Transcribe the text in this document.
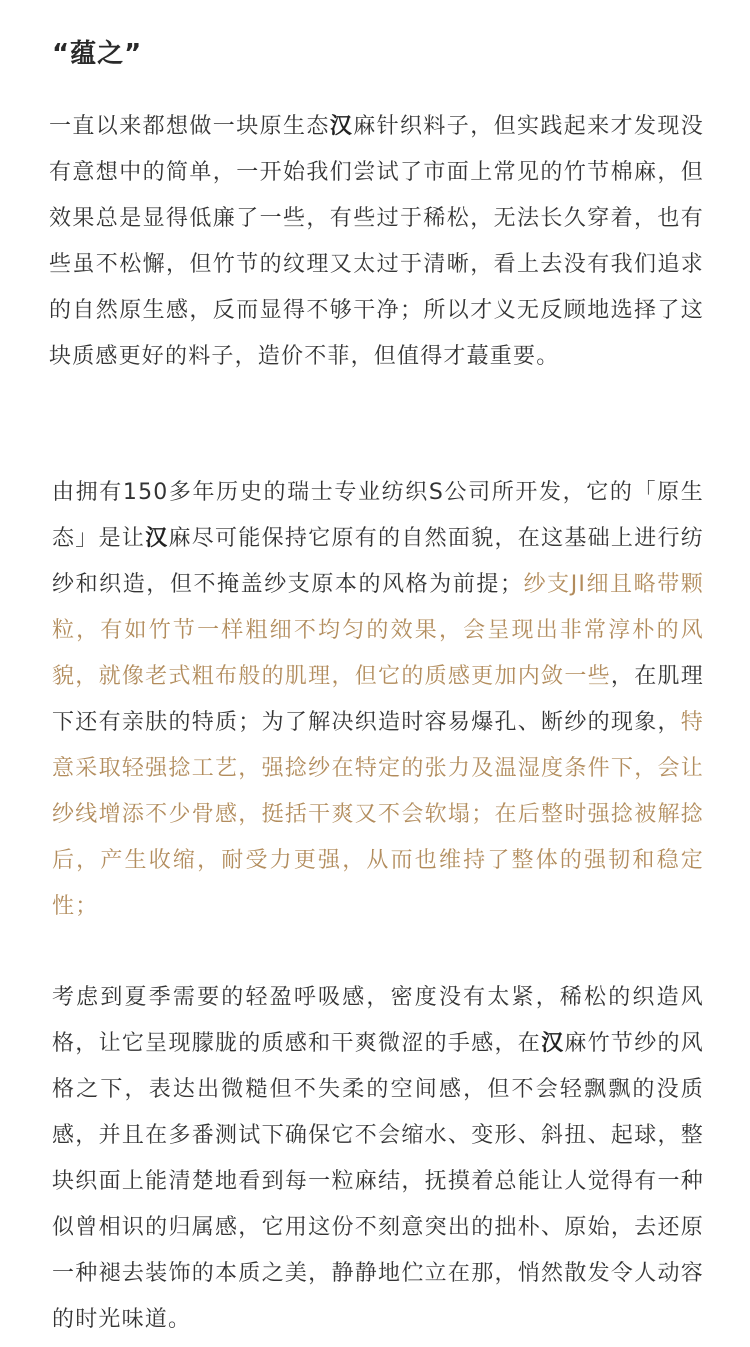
“蕴之”
一直以来都想做一块原生态汉麻针织料子，但实践起来才发现没有意想中的简单，一开始我们尝试了市面上常见的竹节棉麻，但效果总是显得低廉了一些，有些过于稀松，无法长久穿着，也有些虽不松懈，但竹节的纹理又太过于清晰，看上去没有我们追求的自然原生感，反而显得不够干净；所以才义无反顾地选择了这块质感更好的料子，造价不菲，但值得才蕞重要。
由拥有150多年历史的瑞士专业纺织S公司所开发，它的「原生态」是让汉麻尽可能保持它原有的自然面貌，在这基础上进行纺纱和织造，但不掩盖纱支原本的风格为前提；纱支JI细且略带颗粒，有如竹节一样粗细不均匀的效果，会呈现出非常淳朴的风貌，就像老式粗布般的肌理，但它的质感更加内敛一些，在肌理下还有亲肤的特质；为了解决织造时容易爆孔、断纱的现象，特意采取轻强捻工艺，强捻纱在特定的张力及温湿度条件下，会让纱线增添不少骨感，挺括干爽又不会软塌；在后整时强捻被解捻后，产生收缩，耐受力更强，从而也维持了整体的强韧和稳定性；
考虑到夏季需要的轻盈呼吸感，密度没有太紧，稀松的织造风格，让它呈现朦胧的质感和干爽微涩的手感，在汉麻竹节纱的风格之下，表达出微糙但不失柔的空间感，但不会轻飘飘的没质感，并且在多番测试下确保它不会缩水、变形、斜扭、起球，整块织面上能清楚地看到每一粒麻结，抚摸着总能让人觉得有一种似曾相识的归属感，它用这份不刻意突出的拙朴、原始，去还原一种褪去装饰的本质之美，静静地伫立在那，悄然散发令人动容的时光味道。
